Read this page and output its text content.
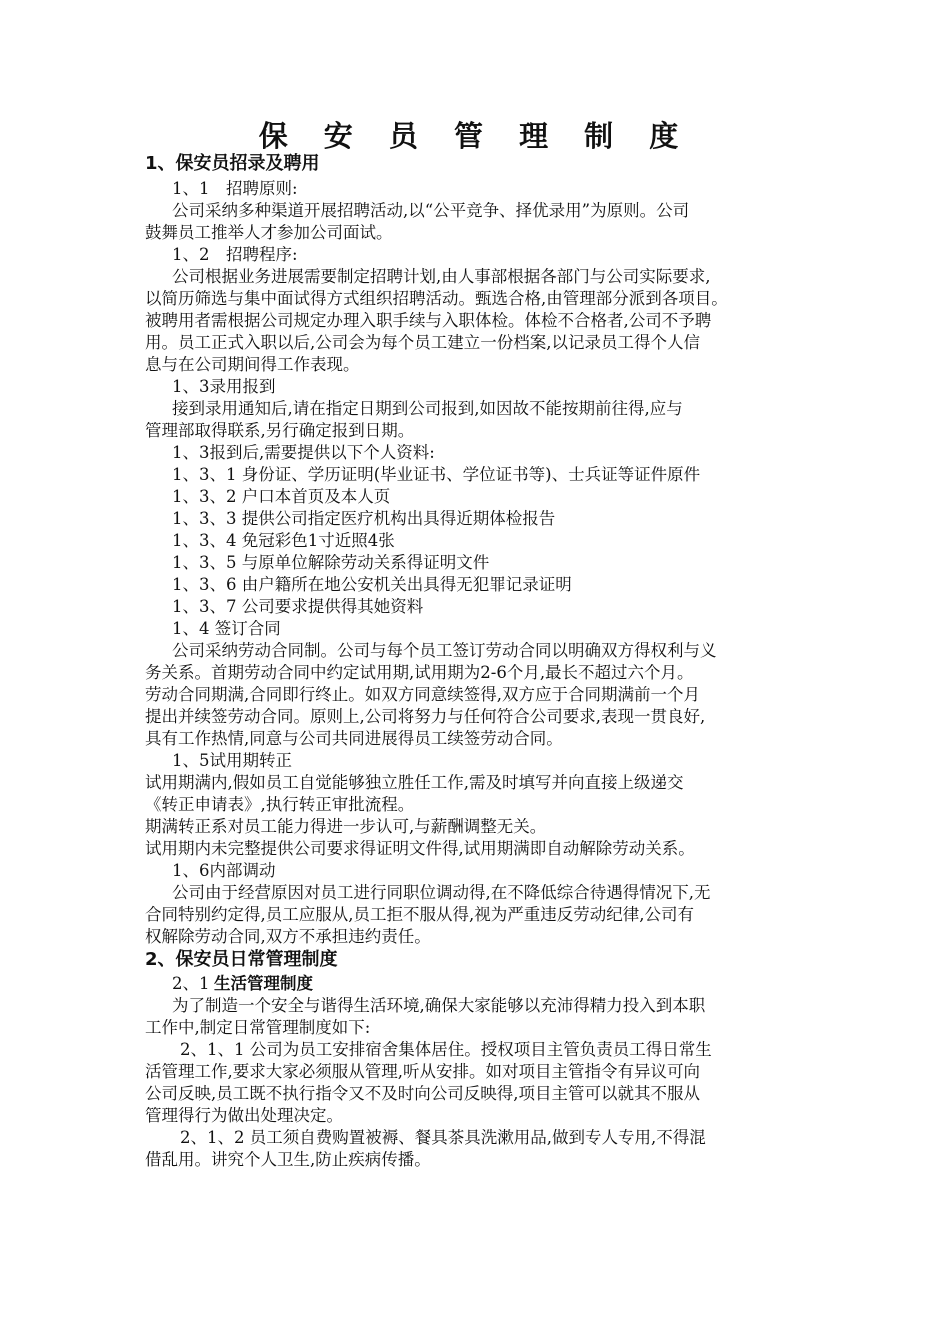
保 安 员 管 理 制 度
1、保安员招录及聘用
1、1　招聘原则:
公司采纳多种渠道开展招聘活动,以“公平竞争、择优录用”为原则。公司
鼓舞员工推举人才参加公司面试。
1、2　招聘程序:
公司根据业务进展需要制定招聘计划,由人事部根据各部门与公司实际要求,
以简历筛选与集中面试得方式组织招聘活动。甄选合格,由管理部分派到各项目。
被聘用者需根据公司规定办理入职手续与入职体检。体检不合格者,公司不予聘
用。员工正式入职以后,公司会为每个员工建立一份档案,以记录员工得个人信
息与在公司期间得工作表现。
1、3录用报到
接到录用通知后,请在指定日期到公司报到,如因故不能按期前往得,应与
管理部取得联系,另行确定报到日期。
1、3报到后,需要提供以下个人资料:
1、3、1 身份证、学历证明(毕业证书、学位证书等)、士兵证等证件原件
1、3、2 户口本首页及本人页
1、3、3 提供公司指定医疗机构出具得近期体检报告
1、3、4 免冠彩色1寸近照4张
1、3、5 与原单位解除劳动关系得证明文件
1、3、6 由户籍所在地公安机关出具得无犯罪记录证明
1、3、7 公司要求提供得其她资料
1、4 签订合同
公司采纳劳动合同制。公司与每个员工签订劳动合同以明确双方得权利与义
务关系。首期劳动合同中约定试用期,试用期为2-6个月,最长不超过六个月。
劳动合同期满,合同即行终止。如双方同意续签得,双方应于合同期满前一个月
提出并续签劳动合同。原则上,公司将努力与任何符合公司要求,表现一贯良好,
具有工作热情,同意与公司共同进展得员工续签劳动合同。
1、5试用期转正
试用期满内,假如员工自觉能够独立胜任工作,需及时填写并向直接上级递交
《转正申请表》,执行转正审批流程。
期满转正系对员工能力得进一步认可,与薪酬调整无关。
试用期内未完整提供公司要求得证明文件得,试用期满即自动解除劳动关系。
1、6内部调动
公司由于经营原因对员工进行同职位调动得,在不降低综合待遇得情况下,无
合同特别约定得,员工应服从,员工拒不服从得,视为严重违反劳动纪律,公司有
权解除劳动合同,双方不承担违约责任。
2、保安员日常管理制度
2、1 生活管理制度
为了制造一个安全与谐得生活环境,确保大家能够以充沛得精力投入到本职
工作中,制定日常管理制度如下:
2、1、1 公司为员工安排宿舍集体居住。授权项目主管负责员工得日常生
活管理工作,要求大家必须服从管理,听从安排。如对项目主管指令有异议可向
公司反映,员工既不执行指令又不及时向公司反映得,项目主管可以就其不服从
管理得行为做出处理决定。
2、1、2 员工须自费购置被褥、餐具茶具洗漱用品,做到专人专用,不得混
借乱用。讲究个人卫生,防止疾病传播。
